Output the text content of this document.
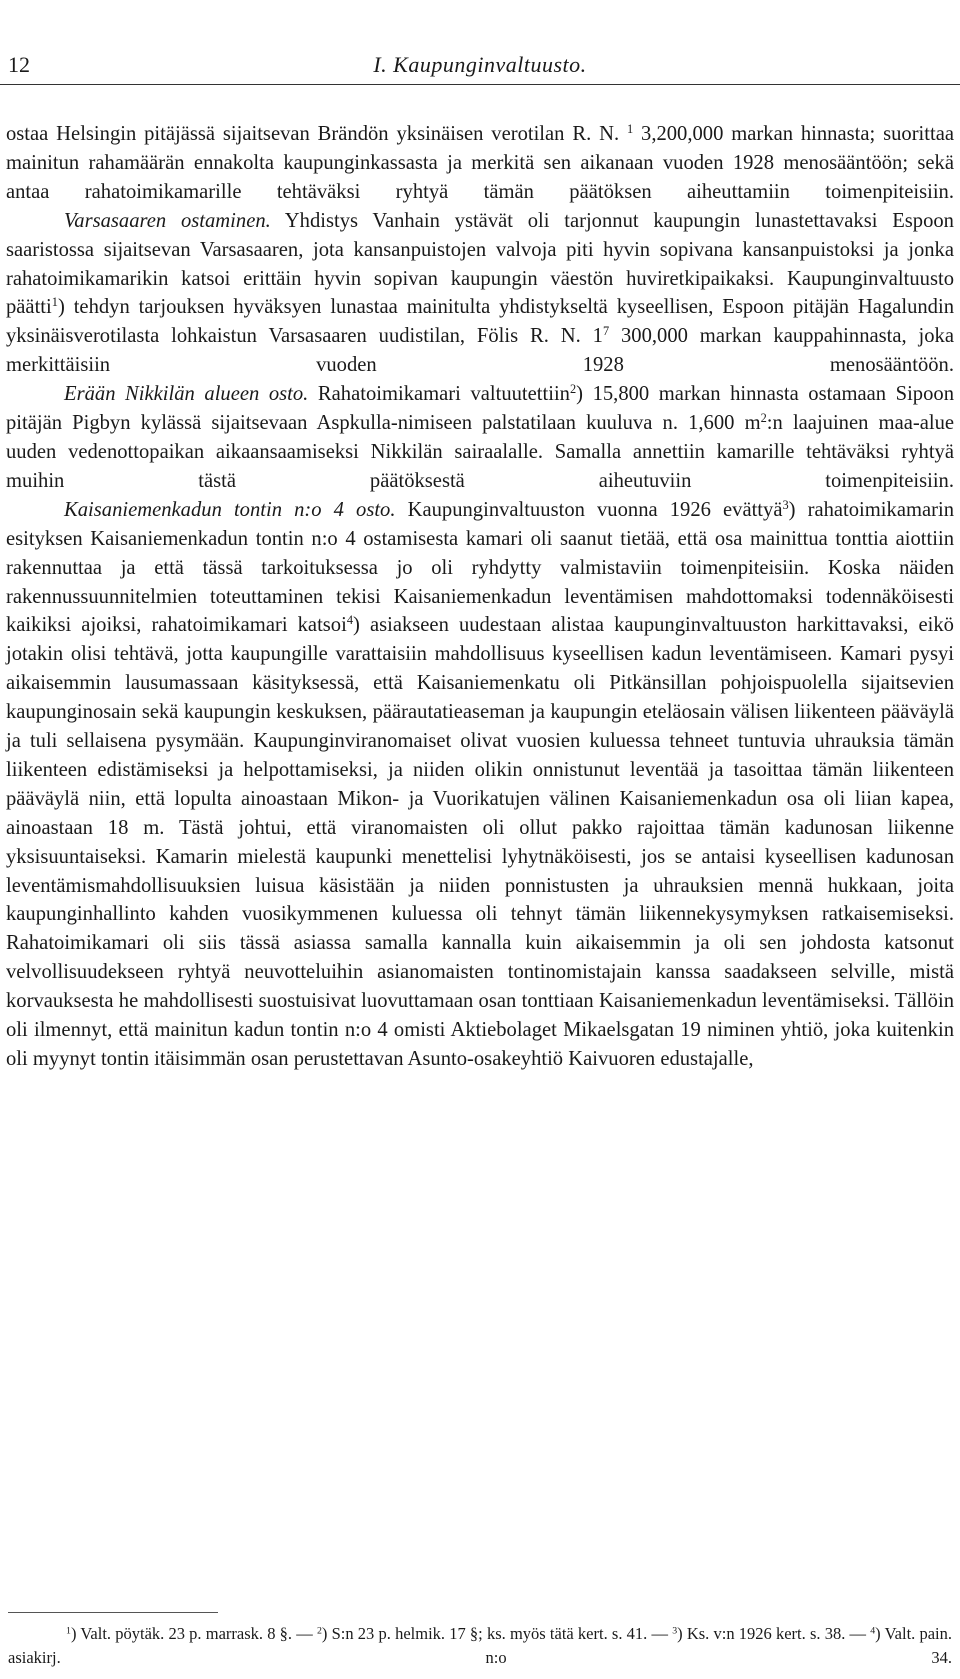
12	I. Kaupunginvaltuusto.

ostaa Helsingin pitäjässä sijaitsevan Brändön yksinäisen verotilan R. N. $^1$ 3,200,000 markan hinnasta; suorittaa mainitun rahamäärän ennakolta kaupunginkassasta ja merkitä sen aikanaan vuoden 1928 menosääntöön; sekä antaa rahatoimikamarille tehtäväksi ryhtyä tämän päätöksen aiheuttamiin toimenpiteisiin.

Varsasaaren ostaminen. Yhdistys Vanhain ystävät oli tarjonnut kaupungin lunastettavaksi Espoon saaristossa sijaitsevan Varsasaaren, jota kansanpuistojen valvoja piti hyvin sopivana kansanpuistoksi ja jonka rahatoimikamarikin katsoi erittäin hyvin sopivan kaupungin väestön huviretkipaikaksi. Kaupunginvaltuusto päätti$^1$) tehdyn tarjouksen hyväksyen lunastaa mainitulta yhdistykseltä kyseellisen, Espoon pitäjän Hagalundin yksinäisverotilasta lohkaistun Varsasaaren uudistilan, Fölis R. N. $1^7$ 300,000 markan kauppahinnasta, joka merkittäisiin vuoden 1928 menosääntöön.

Erään Nikkilän alueen osto. Rahatoimikamari valtuutettiin$^2$) 15,800 markan hinnasta ostamaan Sipoon pitäjän Pigbyn kylässä sijaitsevaan Aspkulla-nimiseen palstatilaan kuuluva n. 1,600 $m^2:n$ laajuinen maa-alue uuden vedenottopaikan aikaansaamiseksi Nikkilän sairaalalle. Samalla annettiin kamarille tehtäväksi ryhtyä muihin tästä päätöksestä aiheutuviin toimenpiteisiin.

Kaisaniemenkadun tontin n:o 4 osto. Kaupunginvaltuuston vuonna 1926 evättyä$^3$) rahatoimikamarin esityksen Kaisaniemenkadun tontin n:o 4 ostamisesta kamari oli saanut tietää, että osa mainittua tonttia aiottiin rakennuttaa ja että tässä tarkoituksessa jo oli ryhdytty valmistaviin toimenpiteisiin. Koska näiden rakennussuunnitelmien toteuttaminen tekisi Kaisaniemenkadun leventämisen mahdottomaksi todennäköisesti kaikiksi ajoiksi, rahatoimikamari katsoi$^4$) asiakseen uudestaan alistaa kaupunginvaltuuston harkittavaksi, eikö jotakin olisi tehtävä, jotta kaupungille varattaisiin mahdollisuus kyseellisen kadun leventämiseen. Kamari pysyi aikaisemmin lausumassaan käsityksessä, että Kaisaniemenkatu oli Pitkänsillan pohjoispuolella sijaitsevien kaupunginosain sekä kaupungin keskuksen, päärautatieaseman ja kaupungin eteläosain välisen liikenteen pääväylä ja tuli sellaisena pysymään. Kaupunginviranomaiset olivat vuosien kuluessa tehneet tuntuvia uhrauksia tämän liikenteen edistämiseksi ja helpottamiseksi, ja niiden olikin onnistunut leventää ja tasoittaa tämän liikenteen pääväylä niin, että lopulta ainoastaan Mikon- ja Vuorikatujen välinen Kaisaniemenkadun osa oli liian kapea, ainoastaan 18 m. Tästä johtui, että viranomaisten oli ollut pakko rajoittaa tämän kadunosan liikenne yksisuuntaiseksi. Kamarin mielestä kaupunki menettelisi lyhytnäköisesti, jos se antaisi kyseellisen kadunosan leventämismahdollisuuksien luisua käsistään ja niiden ponnistusten ja uhrauksien mennä hukkaan, joita kaupunginhallinto kahden vuosikymmenen kuluessa oli tehnyt tämän liikennekysymyksen ratkaisemiseksi. Rahatoimikamari oli siis tässä asiassa samalla kannalla kuin aikaisemmin ja oli sen johdosta katsonut velvollisuudekseen ryhtyä neuvotteluihin asianomaisten tontinomistajain kanssa saadakseen selville, mistä korvauksesta he mahdollisesti suostuisivat luovuttamaan osan tonttiaan Kaisaniemenkadun leventämiseksi. Tällöin oli ilmennyt, että mainitun kadun tontin n:o 4 omisti Aktiebolaget Mikaelsgatan 19 niminen yhtiö, joka kuitenkin oli myynyt tontin itäisimmän osan perustettavan Asunto-osakeyhtiö Kaivuoren edustajalle,

$^1$) Valt. pöytäk. 23 p. marrask. 8 §. — $^2$) S:n 23 p. helmik. 17 §; ks. myös tätä kert. s. 41. — $^3$) Ks. v:n 1926 kert. s. 38. — $^4$) Valt. pain. asiakirj. n:o 34.
